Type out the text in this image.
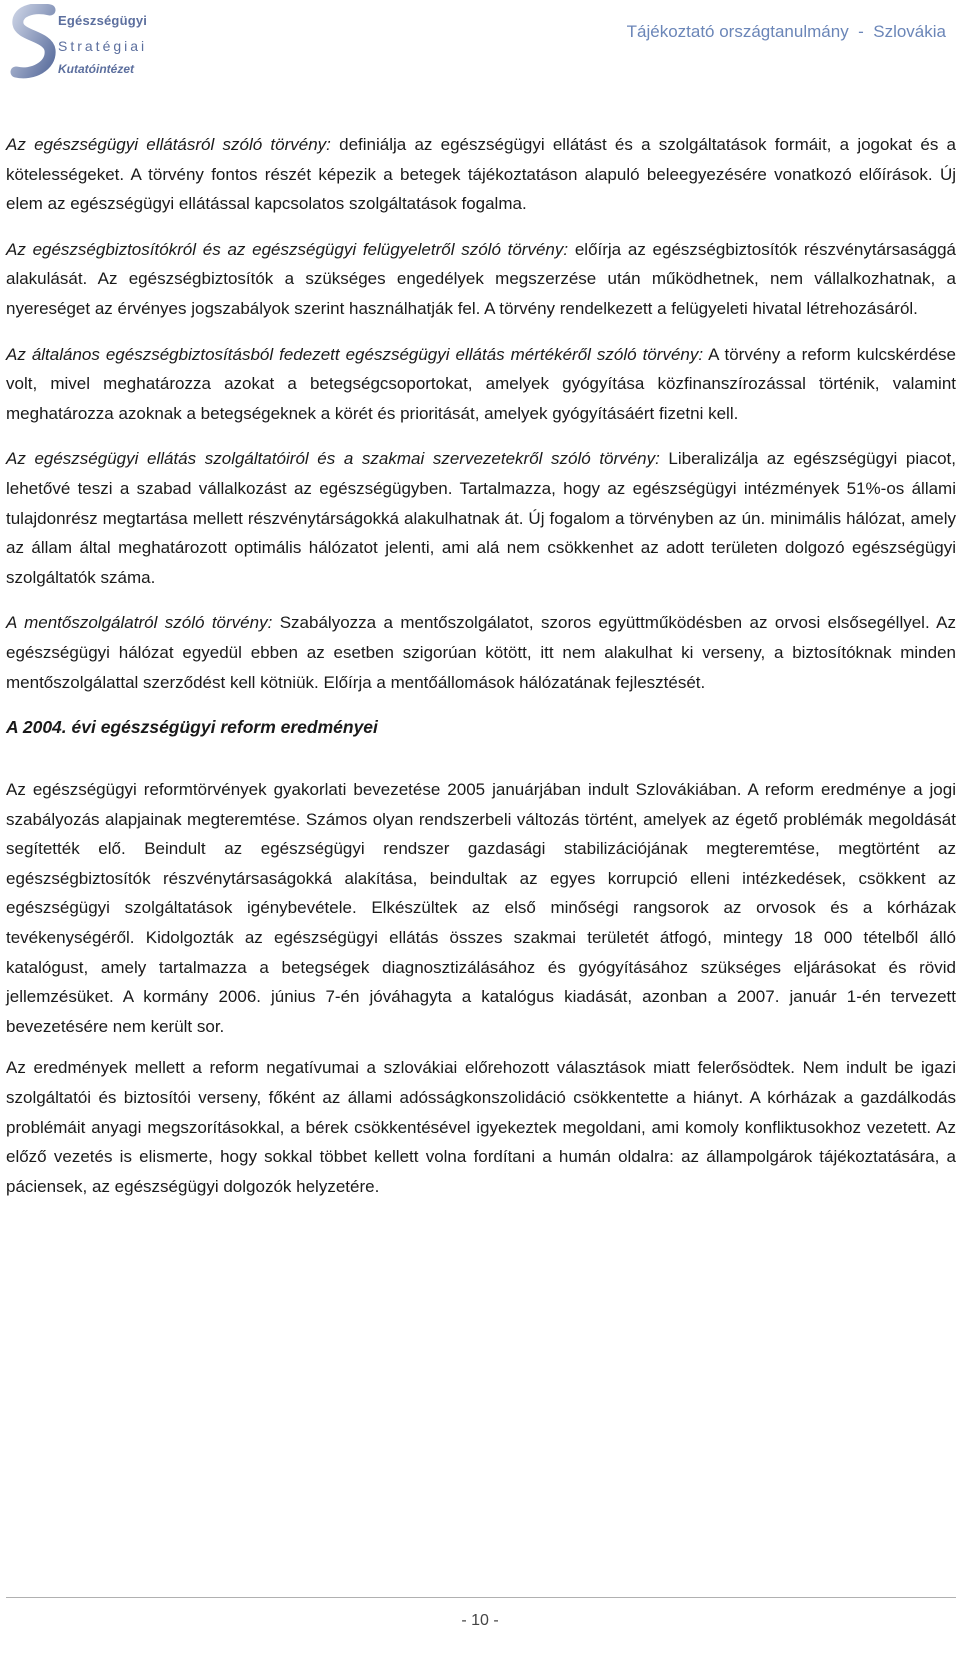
Egészségügyi
Stratégiai
Kutatóintézet
Tájékoztató országtanulmány  -  Szlovákia

Az egészségügyi ellátásról szóló törvény: definiálja az egészségügyi ellátást és a szolgáltatások formáit, a jogokat és a kötelességeket. A törvény fontos részét képezik a betegek tájékoztatáson alapuló beleegyezésére vonatkozó előírások. Új elem az egészségügyi ellátással kapcsolatos szolgáltatások fogalma.

Az egészségbiztosítókról és az egészségügyi felügyeletről szóló törvény: előírja az egészségbiztosítók részvénytársasággá alakulását. Az egészségbiztosítók a szükséges engedélyek megszerzése után működhetnek, nem vállalkozhatnak, a nyereséget az érvényes jogszabályok szerint használhatják fel. A törvény rendelkezett a felügyeleti hivatal létrehozásáról.

Az általános egészségbiztosításból fedezett egészségügyi ellátás mértékéről szóló törvény: A törvény a reform kulcskérdése volt, mivel meghatározza azokat a betegségcsoportokat, amelyek gyógyítása közfinanszírozással történik, valamint meghatározza azoknak a betegségeknek a körét és prioritását, amelyek gyógyításáért fizetni kell.

Az egészségügyi ellátás szolgáltatóiról és a szakmai szervezetekről szóló törvény: Liberalizálja az egészségügyi piacot, lehetővé teszi a szabad vállalkozást az egészségügyben. Tartalmazza, hogy az egészségügyi intézmények 51%-os állami tulajdonrész megtartása mellett részvénytárságokká alakulhatnak át. Új fogalom a törvényben az ún. minimális hálózat, amely az állam által meghatározott optimális hálózatot jelenti, ami alá nem csökkenhet az adott területen dolgozó egészségügyi szolgáltatók száma.

A mentőszolgálatról szóló törvény: Szabályozza a mentőszolgálatot, szoros együttműködésben az orvosi elsősegéllyel. Az egészségügyi hálózat egyedül ebben az esetben szigorúan kötött, itt nem alakulhat ki verseny, a biztosítóknak minden mentőszolgálattal szerződést kell kötniük. Előírja a mentőállomások hálózatának fejlesztését.

A 2004. évi egészségügyi reform eredményei

Az egészségügyi reformtörvények gyakorlati bevezetése 2005 januárjában indult Szlovákiában. A reform eredménye a jogi szabályozás alapjainak megteremtése. Számos olyan rendszerbeli változás történt, amelyek az égető problémák megoldását segítették elő. Beindult az egészségügyi rendszer gazdasági stabilizációjának megteremtése, megtörtént az egészségbiztosítók részvénytársaságokká alakítása, beindultak az egyes korrupció elleni intézkedések, csökkent az egészségügyi szolgáltatások igénybevétele. Elkészültek az első minőségi rangsorok az orvosok és a kórházak tevékenységéről. Kidolgozták az egészségügyi ellátás összes szakmai területét átfogó, mintegy 18 000 tételből álló katalógust, amely tartalmazza a betegségek diagnosztizálásához és gyógyításához szükséges eljárásokat és rövid jellemzésüket. A kormány 2006. június 7-én jóváhagyta a katalógus kiadását, azonban a 2007. január 1-én tervezett bevezetésére nem került sor.

Az eredmények mellett a reform negatívumai a szlovákiai előrehozott választások miatt felerősödtek. Nem indult be igazi szolgáltatói és biztosítói verseny, főként az állami adósságkonszolidáció csökkentette a hiányt. A kórházak a gazdálkodás problémáit anyagi megszorításokkal, a bérek csökkentésével igyekeztek megoldani, ami komoly konfliktusokhoz vezetett. Az előző vezetés is elismerte, hogy sokkal többet kellett volna fordítani a humán oldalra: az állampolgárok tájékoztatására, a páciensek, az egészségügyi dolgozók helyzetére.

- 10 -
